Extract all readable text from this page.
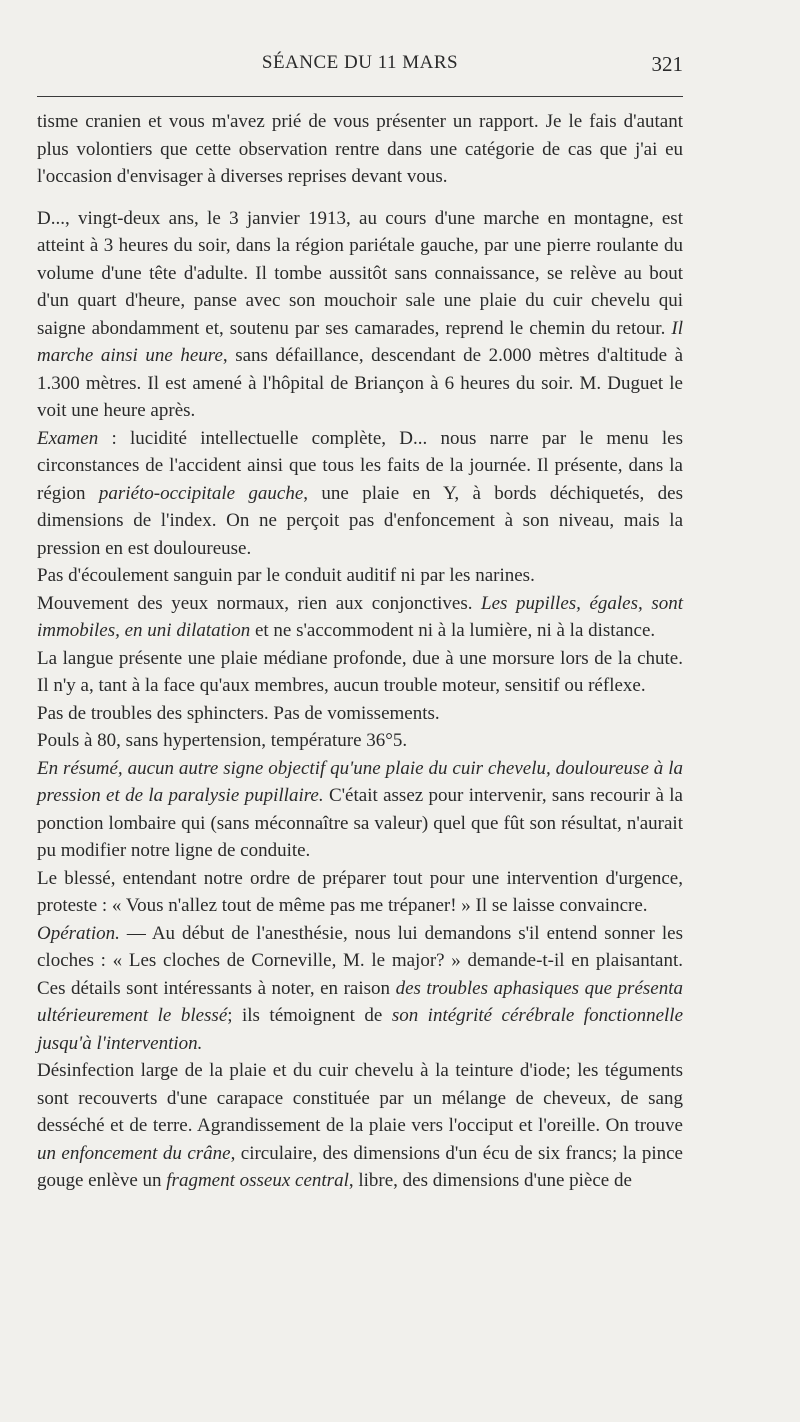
SÉANCE DU 11 MARS	321

tisme cranien et vous m'avez prié de vous présenter un rapport. Je le fais d'autant plus volontiers que cette observation rentre dans une catégorie de cas que j'ai eu l'occasion d'envisager à diverses reprises devant vous.

D..., vingt-deux ans, le 3 janvier 1913, au cours d'une marche en montagne, est atteint à 3 heures du soir, dans la région pariétale gauche, par une pierre roulante du volume d'une tête d'adulte. Il tombe aussitôt sans connaissance, se relève au bout d'un quart d'heure, panse avec son mouchoir sale une plaie du cuir chevelu qui saigne abondamment et, soutenu par ses camarades, reprend le chemin du retour. Il marche ainsi une heure, sans défaillance, descendant de 2.000 mètres d'altitude à 1.300 mètres. Il est amené à l'hôpital de Briançon à 6 heures du soir. M. Duguet le voit une heure après.

Examen : lucidité intellectuelle complète, D... nous narre par le menu les circonstances de l'accident ainsi que tous les faits de la journée. Il présente, dans la région pariéto-occipitale gauche, une plaie en Y, à bords déchiquetés, des dimensions de l'index. On ne perçoit pas d'enfoncement à son niveau, mais la pression en est douloureuse.

Pas d'écoulement sanguin par le conduit auditif ni par les narines.

Mouvement des yeux normaux, rien aux conjonctives. Les pupilles, égales, sont immobiles, en uni dilatation et ne s'accommodent ni à la lumière, ni à la distance.

La langue présente une plaie médiane profonde, due à une morsure lors de la chute. Il n'y a, tant à la face qu'aux membres, aucun trouble moteur, sensitif ou réflexe.

Pas de troubles des sphincters. Pas de vomissements.

Pouls à 80, sans hypertension, température 36°5.

En résumé, aucun autre signe objectif qu'une plaie du cuir chevelu, douloureuse à la pression et de la paralysie pupillaire. C'était assez pour intervenir, sans recourir à la ponction lombaire qui (sans méconnaître sa valeur) quel que fût son résultat, n'aurait pu modifier notre ligne de conduite.

Le blessé, entendant notre ordre de préparer tout pour une intervention d'urgence, proteste : « Vous n'allez tout de même pas me trépaner! » Il se laisse convaincre.

Opération. — Au début de l'anesthésie, nous lui demandons s'il entend sonner les cloches : « Les cloches de Corneville, M. le major? » demande-t-il en plaisantant. Ces détails sont intéressants à noter, en raison des troubles aphasiques que présenta ultérieurement le blessé; ils témoignent de son intégrité cérébrale fonctionnelle jusqu'à l'intervention.

Désinfection large de la plaie et du cuir chevelu à la teinture d'iode; les téguments sont recouverts d'une carapace constituée par un mélange de cheveux, de sang desséché et de terre. Agrandissement de la plaie vers l'occiput et l'oreille. On trouve un enfoncement du crâne, circulaire, des dimensions d'un écu de six francs; la pince gouge enlève un fragment osseux central, libre, des dimensions d'une pièce de
